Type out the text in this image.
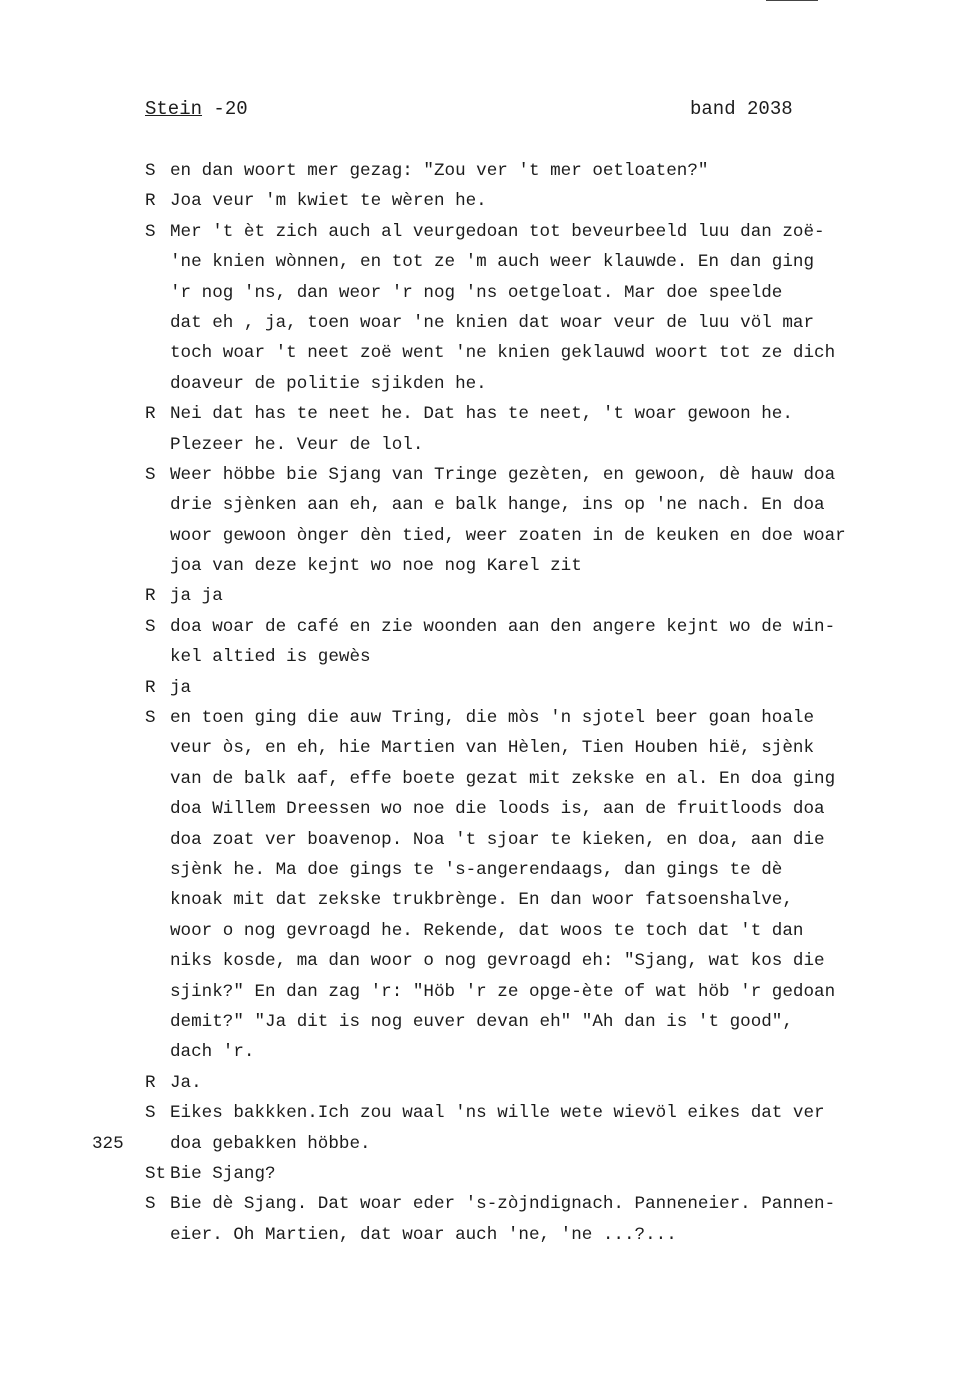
Stein -20	band 2038
S en dan woort mer gezag: "Zou ver 't mer oetloaten?"
R Joa veur 'm kwiet te wèren he.
S Mer 't èt zich auch al veurgedoan tot beveurbeeld luu dan zoë-
'ne knien wònnen, en tot ze 'm auch weer klauwde. En dan ging
'r nog 'ns, dan weor 'r nog 'ns oetgeloat. Mar doe speelde
dat eh , ja, toen woar 'ne knien dat woar veur de luu völ mar
toch woar 't neet zoë went 'ne knien geklauwd woort tot ze dich
doaveur de politie sjikden he.
R Nei dat has te neet he. Dat has te neet, 't woar gewoon he.
Plezeer he. Veur de lol.
S Weer höbbe bie Sjang van Tringe gezèten, en gewoon, dè hauw doa
drie sjènken aan eh, aan e balk hange, ins op 'ne nach. En doa
woor gewoon ònger dèn tied, weer zoaten in de keuken en doe woar
joa van deze kejnt wo noe nog Karel zit
R ja ja
S doa woar de café en zie woonden aan den angere kejnt wo de win-
kel altied is gewès
R ja
S en toen ging die auw Tring, die mòs 'n sjotel beer goan hoale
veur òs, en eh, hie Martien van Hèlen, Tien Houben hië, sjènk
van de balk aaf, effe boete gezat mit zekske en al. En doa ging
doa Willem Dreessen wo noe die loods is, aan de fruitloods doa
doa zoat ver boavenop. Noa 't sjoar te kieken, en doa, aan die
sjènk he. Ma doe gings te 's-angerendaags, dan gings te dè
knoak mit dat zekske trukbrènge. En dan woor fatsoenshalve,
woor o nog gevroagd he. Rekende, dat woos te toch dat 't dan
niks kosde, ma dan woor o nog gevroagd eh: "Sjang, wat kos die
sjink?" En dan zag 'r: "Höb 'r ze opge-ète of wat höb 'r gedoan
demit?" "Ja dit is nog euver devan eh" "Ah dan is 't good",
dach 'r.
R Ja.
S Eikes bakkken.Ich zou waal 'ns wille wete wievöl eikes dat ver
325	doa gebakken höbbe.
St Bie Sjang?
S Bie dè Sjang. Dat woar eder 's-zòjndignach. Panneneier. Pannen-
eier. Oh Martien, dat woar auch 'ne, 'ne ...?...
